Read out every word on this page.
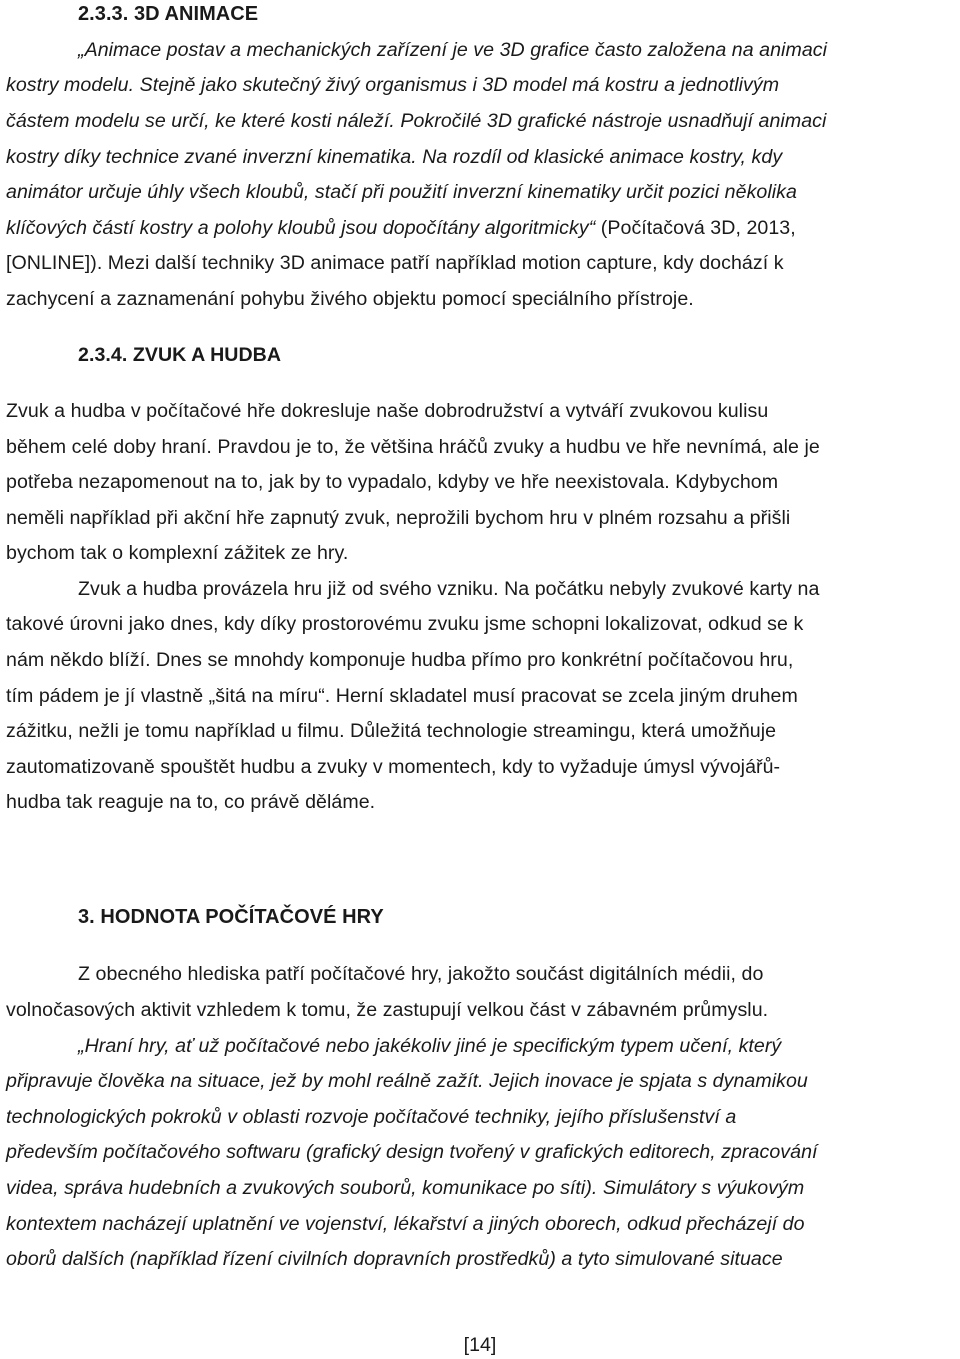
2.3.3. 3D ANIMACE
„Animace postav a mechanických zařízení je ve 3D grafice často založena na animaci
kostry modelu. Stejně jako skutečný živý organismus i 3D model má kostru a jednotlivým
částem modelu se určí, ke které kosti náleží. Pokročilé 3D grafické nástroje usnadňují animaci
kostry díky technice zvané inverzní kinematika. Na rozdíl od klasické animace kostry, kdy
animátor určuje úhly všech kloubů, stačí při použití inverzní kinematiky určit pozici několika
klíčových částí kostry a polohy kloubů jsou dopočítány algoritmicky“ (Počítačová 3D, 2013,
[ONLINE]). Mezi další techniky 3D animace patří například motion capture, kdy dochází k
zachycení a zaznamenání pohybu živého objektu pomocí speciálního přístroje.
2.3.4. ZVUK A HUDBA
Zvuk a hudba v počítačové hře dokresluje naše dobrodružství a vytváří zvukovou kulisu
během celé doby hraní. Pravdou je to, že většina hráčů zvuky a hudbu ve hře nevnímá, ale je
potřeba nezapomenout na to, jak by to vypadalo, kdyby ve hře neexistovala. Kdybychom
neměli například při akční hře zapnutý zvuk, neprožili bychom hru v plném rozsahu a přišli
bychom tak o komplexní zážitek ze hry.
Zvuk a hudba provázela hru již od svého vzniku. Na počátku nebyly zvukové karty na
takové úrovni jako dnes, kdy díky prostorovému zvuku jsme schopni lokalizovat, odkud se k
nám někdo blíží. Dnes se mnohdy komponuje hudba přímo pro konkrétní počítačovou hru,
tím pádem je jí vlastně „šitá na míru“. Herní skladatel musí pracovat se zcela jiným druhem
zážitku, nežli je tomu například u filmu. Důležitá technologie streamingu, která umožňuje
zautomatizovaně spouštět hudbu a zvuky v momentech, kdy to vyžaduje úmysl vývojářů-
hudba tak reaguje na to, co právě děláme.
3. HODNOTA POČÍTAČOVÉ HRY
Z obecného hlediska patří počítačové hry, jakožto součást digitálních médii, do
volnočasových aktivit vzhledem k tomu, že zastupují velkou část v zábavném průmyslu.
„Hraní hry, ať už počítačové nebo jakékoliv jiné je specifickým typem učení, který
připravuje člověka na situace, jež by mohl reálně zažít. Jejich inovace je spjata s dynamikou
technologických pokroků v oblasti rozvoje počítačové techniky, jejího příslušenství a
především počítačového softwaru (grafický design tvořený v grafických editorech, zpracování
videa, správa hudebních a zvukových souborů, komunikace po síti). Simulátory s výukovým
kontextem nacházejí uplatnění ve vojenství, lékařství a jiných oborech, odkud přecházejí do
oborů dalších (například řízení civilních dopravních prostředků) a tyto simulované situace
[14]
